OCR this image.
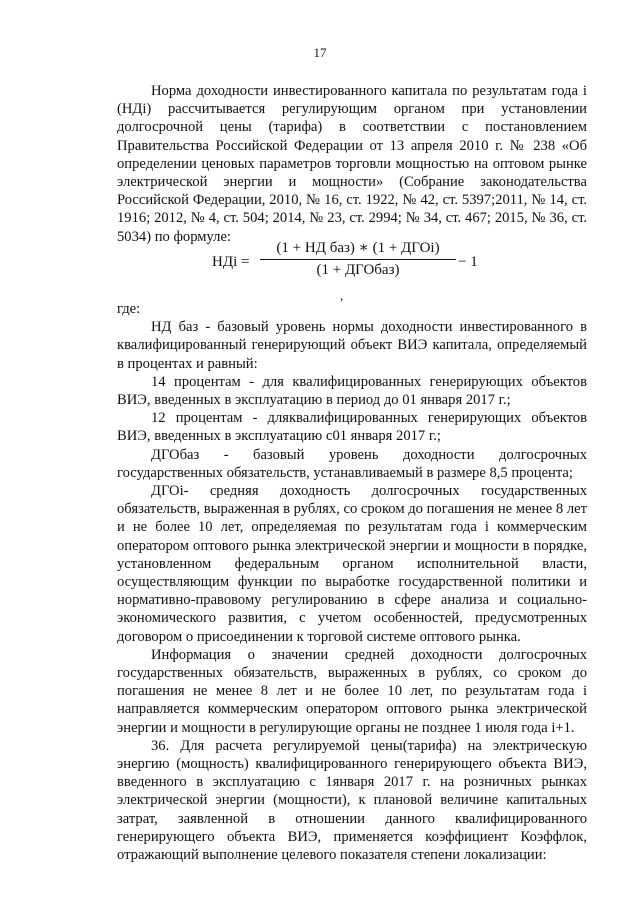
17

Норма доходности инвестированного капитала по результатам года i (НДi) рассчитывается регулирующим органом при установлении долгосрочной цены (тарифа) в соответствии с постановлением Правительства Российской Федерации от 13 апреля 2010 г. № 238 «Об определении ценовых параметров торговли мощностью на оптовом рынке электрической энергии и мощности» (Собрание законодательства Российской Федерации, 2010, № 16, ст. 1922, № 42, ст. 5397;2011, № 14, ст. 1916; 2012, № 4, ст. 504; 2014, № 23, ст. 2994; № 34, ст. 467; 2015, № 36, ст. 5034) по формуле:

НДi =
(1 + НД баз) ∗ (1 + ДГОi)
(1 + ДГОбаз)	− 1
,

где:

НД баз - базовый уровень нормы доходности инвестированного в квалифицированный генерирующий объект ВИЭ капитала, определяемый в процентах и равный:

14 процентам - для квалифицированных генерирующих объектов ВИЭ, введенных в эксплуатацию в период до 01 января 2017 г.;

12 процентам - дляквалифицированных генерирующих объектов ВИЭ, введенных в эксплуатацию с01 января 2017 г.;

ДГОбаз - базовый уровень доходности долгосрочных государственных обязательств, устанавливаемый в размере 8,5 процента;

ДГОi- средняя доходность долгосрочных государственных обязательств, выраженная в рублях, со сроком до погашения не менее 8 лет и не более 10 лет, определяемая по результатам года i коммерческим оператором оптового рынка электрической энергии и мощности в порядке, установленном федеральным органом исполнительной власти, осуществляющим функции по выработке государственной политики и нормативно-правовому регулированию в сфере анализа и социально-экономического развития, с учетом особенностей, предусмотренных договором о присоединении к торговой системе оптового рынка.

Информация о значении средней доходности долгосрочных государственных обязательств, выраженных в рублях, со сроком до погашения не менее 8 лет и не более 10 лет, по результатам года i направляется коммерческим оператором оптового рынка электрической энергии и мощности в регулирующие органы не позднее 1 июля года i+1.

36. Для расчета регулируемой цены(тарифа) на электрическую энергию (мощность) квалифицированного генерирующего объекта ВИЭ, введенного в эксплуатацию с 1января 2017 г. на розничных рынках электрической энергии (мощности), к плановой величине капитальных затрат, заявленной в отношении данного квалифицированного генерирующего объекта ВИЭ, применяется коэффициент Коэффлок, отражающий выполнение целевого показателя степени локализации:
